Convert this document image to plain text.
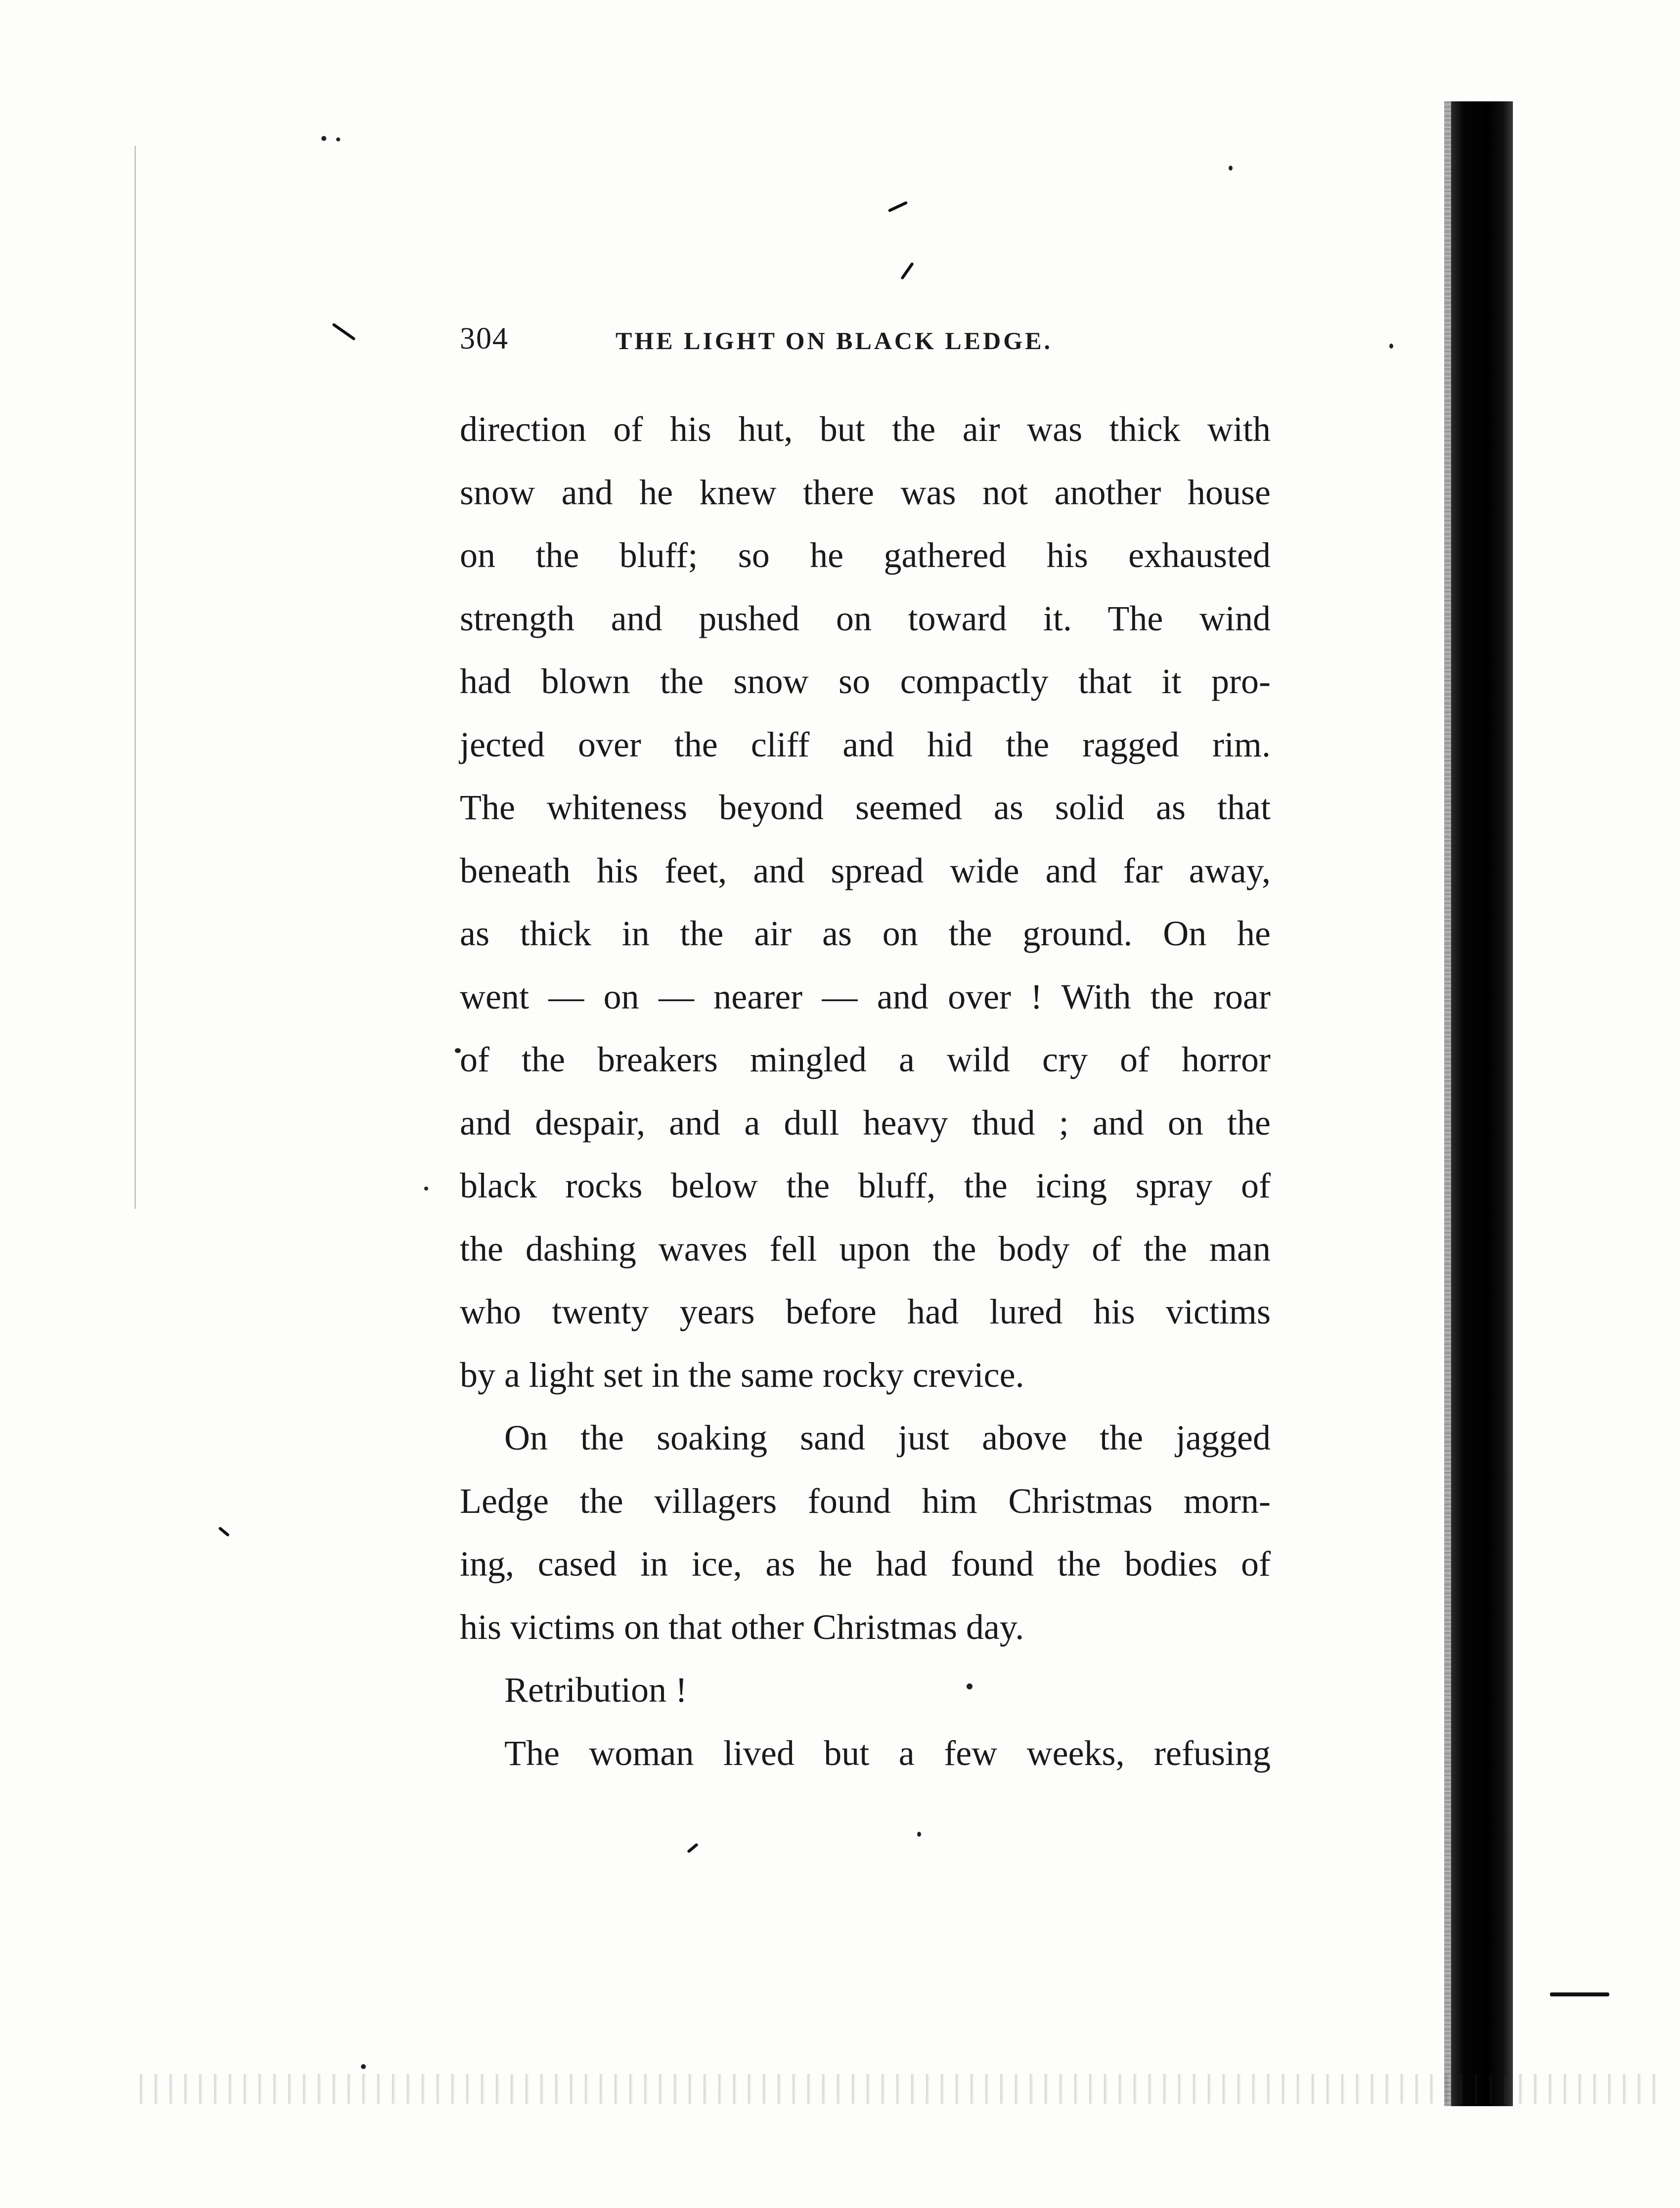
304	THE LIGHT ON BLACK LEDGE.
direction of his hut, but the air was thick with
snow and he knew there was not another house
on the bluff; so he gathered his exhausted
strength and pushed on toward it. The wind
had blown the snow so compactly that it pro-
jected over the cliff and hid the ragged rim.
The whiteness beyond seemed as solid as that
beneath his feet, and spread wide and far away,
as thick in the air as on the ground. On he
went — on — nearer — and over ! With the roar
of the breakers mingled a wild cry of horror
and despair, and a dull heavy thud ; and on the
black rocks below the bluff, the icing spray of
the dashing waves fell upon the body of the man
who twenty years before had lured his victims
by a light set in the same rocky crevice.
On the soaking sand just above the jagged
Ledge the villagers found him Christmas morn-
ing, cased in ice, as he had found the bodies of
his victims on that other Christmas day.
Retribution !
The woman lived but a few weeks, refusing
